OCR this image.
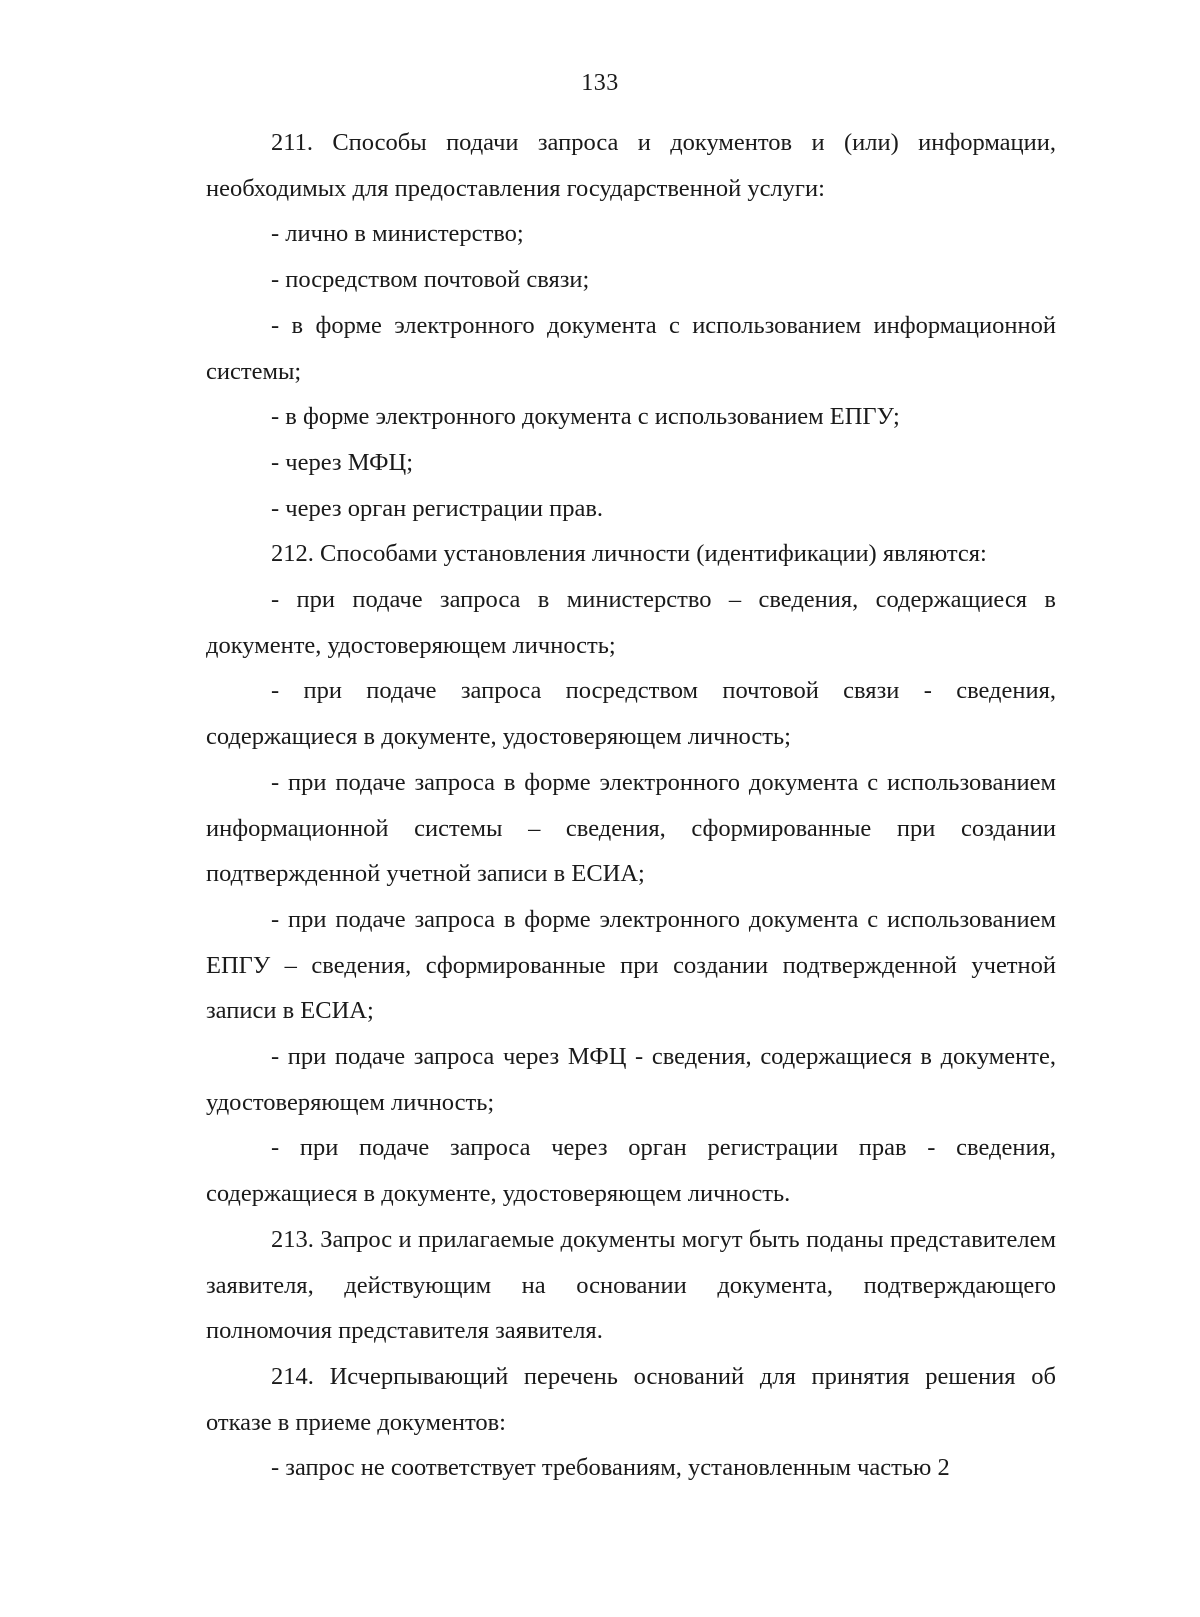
133

211. Способы подачи запроса и документов и (или) информации, необходимых для предоставления государственной услуги:

- лично в министерство;

- посредством почтовой связи;

- в форме электронного документа с использованием информационной системы;

- в форме электронного документа с использованием ЕПГУ;

- через МФЦ;

- через орган регистрации прав.

212. Способами установления личности (идентификации) являются:

- при подаче запроса в министерство – сведения, содержащиеся в документе, удостоверяющем личность;

- при подаче запроса посредством почтовой связи - сведения, содержащиеся в документе, удостоверяющем личность;

- при подаче запроса в форме электронного документа с использованием информационной системы – сведения, сформированные при создании подтвержденной учетной записи в ЕСИА;

- при подаче запроса в форме электронного документа с использованием ЕПГУ – сведения, сформированные при создании подтвержденной учетной записи в ЕСИА;

- при подаче запроса через МФЦ - сведения, содержащиеся в документе, удостоверяющем личность;

- при подаче запроса через орган регистрации прав - сведения, содержащиеся в документе, удостоверяющем личность.

213. Запрос и прилагаемые документы могут быть поданы представителем заявителя, действующим на основании документа, подтверждающего полномочия представителя заявителя.

214. Исчерпывающий перечень оснований для принятия решения об отказе в приеме документов:

- запрос не соответствует требованиям, установленным частью 2
